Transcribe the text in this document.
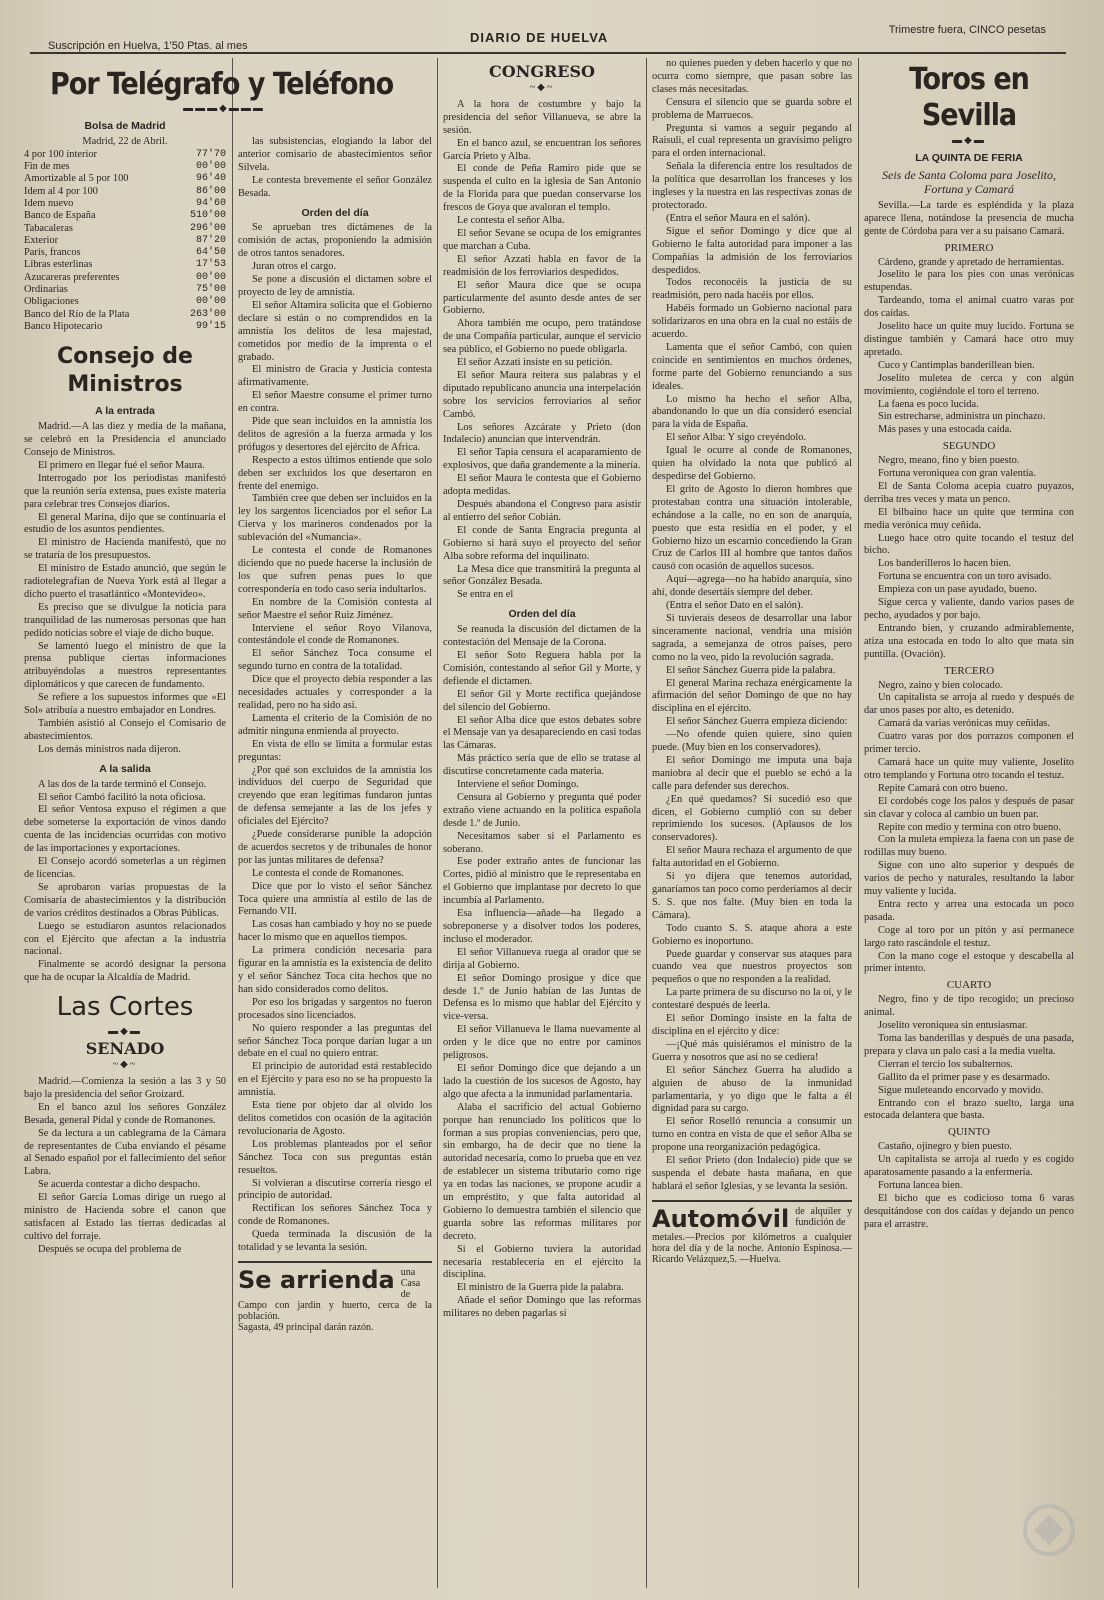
Suscripción en Huelva, 1'50 Ptas. al mes
DIARIO DE HUELVA	Trimestre fuera, CINCO pesetas
Por Telégrafo y Teléfono
▬▬▬◆▬▬▬
Bolsa de Madrid
Madrid, 22 de Abril.
4 por 100 interior	77'70
Fin de mes	00'00
Amortizable al 5 por 100	96'40
Idem al 4 por 100	86'00
Idem nuevo	94'60
Banco de España	510'00
Tabacaleras	296'00
Exterior	87'20
París, francos	64'50
Libras esterlinas	17'53
Azucareras preferentes	00'00
Ordinarias	75'00
Obligaciones	00'00
Banco del Río de la Plata	263'00
Banco Hipotecario	99'15
Consejo de Ministros
A la entrada

Madrid.—A las diez y media de la mañana, se celebró en la Presidencia el anunciado Consejo de Ministros.

El primero en llegar fué el señor Maura.

Interrogado por los periodistas manifestó que la reunión sería extensa, pues existe materia para celebrar tres Consejos diarios.

El general Marina, dijo que se continuaría el estudio de los asuntos pendientes.

El ministro de Hacienda manifestó, que no se trataría de los presupuestos.

El ministro de Estado anunció, que según le radiotelegrafían de Nueva York está al llegar a dicho puerto el trasatlántico «Montevideo».

Es preciso que se divulgue la noticia para tranquilidad de las numerosas personas que han pedido noticias sobre el viaje de dicho buque.

Se lamentó luego el ministro de que la prensa publique ciertas informaciones atribuyéndolas a nuestros representantes diplomáticos y que carecen de fundamento.

Se refiere a los supuestos informes que «El Sol» atribuía a nuestro embajador en Londres.

También asistió al Consejo el Comisario de abastecimientos.

Los demás ministros nada dijeron.

A la salida

A las dos de la tarde terminó el Consejo.

El señor Cambó facilitó la nota oficiosa.

El señor Ventosa expuso el régimen a que debe someterse la exportación de vinos dando cuenta de las incidencias ocurridas con motivo de las importaciones y exportaciones.

El Consejo acordó someterlas a un régimen de licencias.

Se aprobaron varias propuestas de la Comisaría de abastecimientos y la distribución de varios créditos destinados a Obras Públicas.

Luego se estudiaron asuntos relacionados con el Ejército que afectan a la industria nacional.

Finalmente se acordó designar la persona que ha de ocupar la Alcaldía de Madrid.

Las Cortes
▬◆▬
SENADO
~◆~

Madrid.—Comienza la sesión a las 3 y 50 bajo la presidencia del señor Groizard.

En el banco azul los señores González Besada, general Pidal y conde de Romanones.

Se da lectura a un cablegrama de la Cámara de representantes de Cuba enviando el pésame al Senado español por el fallecimiento del señor Labra.

Se acuerda contestar a dicho despacho.

El señor García Lomas dirige un ruego al ministro de Hacienda sobre el canon que satisfacen al Estado las tierras dedicadas al cultivo del forraje.

Después se ocupa del problema de

las subsistencias, elogiando la labor del anterior comisario de abastecimientos señor Silvela.

Le contesta brevemente el señor González Besada.

Orden del día

Se aprueban tres dictámenes de la comisión de actas, proponiendo la admisión de otros tantos senadores.

Juran otros el cargo.

Se pone a discusión el dictamen sobre el proyecto de ley de amnistía.

El señor Altamira solicita que el Gobierno declare si están o no comprendidos en la amnistía los delitos de lesa majestad, cometidos por medio de la imprenta o el grabado.

El ministro de Gracia y Justicia contesta afirmativamente.

El señor Maestre consume el primer turno en contra.

Pide que sean incluidos en la amnistía los delitos de agresión a la fuerza armada y los prófugos y desertores del ejército de Africa.

Respecto a estos últimos entiende que solo deben ser excluidos los que desertaron en frente del enemigo.

También cree que deben ser incluidos en la ley los sargentos licenciados por el señor La Cierva y los marineros condenados por la sublevación del «Numancia».

Le contesta el conde de Romanones diciendo que no puede hacerse la inclusión de los que sufren penas pues lo que correspondería en todo caso sería indultarlos.

En nombre de la Comisión contesta al señor Maestre el señor Ruiz Jiménez.

Interviene el señor Royo Vilanova, contestándole el conde de Romanones.

El señor Sánchez Toca consume el segundo turno en contra de la totalidad.

Dice que el proyecto debía responder a las necesidades actuales y corresponder a la realidad, pero no ha sido así.

Lamenta el criterio de la Comisión de no admitir ninguna enmienda al proyecto.

En vista de ello se limita a formular estas preguntas:

¿Por qué son excluidos de la amnistía los individuos del cuerpo de Seguridad que creyendo que eran legítimas fundaron juntas de defensa semejante a las de los jefes y oficiales del Ejército?

¿Puede considerarse punible la adopción de acuerdos secretos y de tribunales de honor por las juntas militares de defensa?

Le contesta el conde de Romanones.

Dice que por lo visto el señor Sánchez Toca quiere una amnistía al estilo de las de Fernando VII.

Las cosas han cambiado y hoy no se puede hacer lo mismo que en aquellos tiempos.

La primera condición necesaria para figurar en la amnistía es la existencia de delito y el señor Sánchez Toca cita hechos que no han sido considerados como delitos.

Por eso los brigadas y sargentos no fueron procesados sino licenciados.

No quiero responder a las preguntas del señor Sánchez Toca porque darían lugar a un debate en el cual no quiero entrar.

El principio de autoridad está restablecido en el Ejército y para eso no se ha propuesto la amnistía.

Esta tiene por objeto dar al olvido los delitos cometidos con ocasión de la agitación revolucionaria de Agosto.

Los problemas planteados por el señor Sánchez Toca con sus preguntas están resueltos.

Si volvieran a discutirse correría riesgo el principio de autoridad.

Rectifican los señores Sánchez Toca y conde de Romanones.

Queda terminada la discusión de la totalidad y se levanta la sesión.

Se arrienda una Casa de Campo con jardín y huerto, cerca de la población.
Sagasta, 49 principal darán razón.
CONGRESO
~◆~

A la hora de costumbre y bajo la presidencia del señor Villanueva, se abre la sesión.

En el banco azul, se encuentran los señores García Prieto y Alba.

El conde de Peña Ramiro pide que se suspenda el culto en la iglesia de San Antonio de la Florida para que puedan conservarse los frescos de Goya que avaloran el templo.

Le contesta el señor Alba.

El señor Sevane se ocupa de los emigrantes que marchan a Cuba.

El señor Azzati habla en favor de la readmisión de los ferroviarios despedidos.

El señor Maura dice que se ocupa particularmente del asunto desde antes de ser Gobierno.

Ahora también me ocupo, pero tratándose de una Compañía particular, aunque el servicio sea público, el Gobierno no puede obligarla.

El señor Azzati insiste en su petición.

El señor Maura reitera sus palabras y el diputado republicano anuncia una interpelación sobre los servicios ferroviarios al señor Cambó.

Los señores Azcárate y Prieto (don Indalecio) anuncian que intervendrán.

El señor Tapia censura el acaparamiento de explosivos, que daña grandemente a la minería.

El señor Maura le contesta que el Gobierno adopta medidas.

Después abandona el Congreso para asistir al entierro del señor Cobián.

El conde de Santa Engracia pregunta al Gobierno si hará suyo el proyecto del señor Alba sobre reforma del inquilinato.

La Mesa dice que transmitirá la pregunta al señor González Besada.

Se entra en el

Orden del día

Se reanuda la discusión del dictamen de la contestación del Mensaje de la Corona.

El señor Soto Reguera habla por la Comisión, contestando al señor Gil y Morte, y defiende el dictamen.

El señor Gil y Morte rectifica quejándose del silencio del Gobierno.

El señor Alba dice que estos debates sobre el Mensaje van ya desapareciendo en casi todas las Cámaras.

Más práctico sería que de ello se tratase al discutirse concretamente cada materia.

Interviene el señor Domingo.

Censura al Gobierno y pregunta qué poder extraño viene actuando en la política española desde 1.º de Junio.

Necesitamos saber si el Parlamento es soberano.

Ese poder extraño antes de funcionar las Cortes, pidió al ministro que le representaba en el Gobierno que implantase por decreto lo que incumbía al Parlamento.

Esa influencia—añade—ha llegado a sobreponerse y a disolver todos los poderes, incluso el moderador.

El señor Villanueva ruega al orador que se dirija al Gobierno.

El señor Domingo prosigue y dice que desde 1.º de Junio habían de las Juntas de Defensa es lo mismo que hablar del Ejército y vice-versa.

El señor Villanueva le llama nuevamente al orden y le dice que no entre por caminos peligrosos.

El señor Domingo dice que dejando a un lado la cuestión de los sucesos de Agosto, hay algo que afecta a la inmunidad parlamentaria.

Alaba el sacrificio del actual Gobierno porque han renunciado los políticos que lo forman a sus propias conveniencias, pero que, sin embargo, ha de decir que no tiene la autoridad necesaria, como lo prueba que en vez de establecer un sistema tributario como rige ya en todas las naciones, se propone acudir a un empréstito, y que falta autoridad al Gobierno lo demuestra también el silencio que guarda sobre las reformas militares por decreto.

Si el Gobierno tuviera la autoridad necesaria restablecería en el ejército la disciplina.

El ministro de la Guerra pide la palabra.

Añade el señor Domingo que las reformas militares no deben pagarlas sí

no quienes pueden y deben hacerlo y que no ocurra como siempre, que pasan sobre las clases más necesitadas.

Censura el silencio que se guarda sobre el problema de Marruecos.

Pregunta si vamos a seguir pegando al Raisuli, el cual representa un gravísimo peligro para el orden internacional.

Señala la diferencia entre los resultados de la política que desarrollan los franceses y los ingleses y la nuestra en las respectivas zonas de protectorado.

(Entra el señor Maura en el salón).

Sigue el señor Domingo y dice que al Gobierno le falta autoridad para imponer a las Compañías la admisión de los ferroviarios despedidos.

Todos reconocéis la justicia de su readmisión, pero nada hacéis por ellos.

Habéis formado un Gobierno nacional para solidarizaros en una obra en la cual no estáis de acuerdo.

Lamenta que el señor Cambó, con quien coincide en sentimientos en muchos órdenes, forme parte del Gobierno renunciando a sus ideales.

Lo mismo ha hecho el señor Alba, abandonando lo que un día consideró esencial para la vida de España.

El señor Alba: Y sigo creyéndolo.

Igual le ocurre al conde de Romanones, quien ha olvidado la nota que publicó al despedirse del Gobierno.

El grito de Agosto lo dieron hombres que protestaban contra una situación intolerable, echándose a la calle, no en son de anarquía, puesto que esta residía en el poder, y el Gobierno hizo un escarnio concediendo la Gran Cruz de Carlos III al hombre que tantos daños causó con ocasión de aquellos sucesos.

Aquí—agrega—no ha habido anarquía, sino ahí, donde desertáis siempre del deber.

(Entra el señor Dato en el salón).

Si tuvierais deseos de desarrollar una labor sinceramente nacional, vendría una misión sagrada, a semejanza de otros países, pero como no la veo, pido la revolución sagrada.

El señor Sánchez Guerra pide la palabra.

El general Marina rechaza enérgicamente la afirmación del señor Domingo de que no hay disciplina en el ejército.

El señor Sánchez Guerra empieza diciendo:

—No ofende quien quiere, sino quien puede. (Muy bien en los conservadores).

El señor Domingo me imputa una baja maniobra al decir que el pueblo se echó a la calle para defender sus derechos.

¿En qué quedamos? Si sucedió eso que dicen, el Gobierno cumplió con su deber reprimiendo los sucesos. (Aplausos de los conservadores).

El señor Maura rechaza el argumento de que falta autoridad en el Gobierno.

Si yo dijera que tenemos autoridad, ganaríamos tan poco como perderíamos al decir S. S. que nos falte. (Muy bien en toda la Cámara).

Todo cuanto S. S. ataque ahora a este Gobierno es inoportuno.

Puede guardar y conservar sus ataques para cuando vea que nuestros proyectos son pequeños o que no responden a la realidad.

La parte primera de su discurso no la oí, y le contestaré después de leerla.

El señor Domingo insiste en la falta de disciplina en el ejército y dice:

—¡Qué más quisiéramos el ministro de la Guerra y nosotros que así no se cediera!

El señor Sánchez Guerra ha aludido a alguien de abuso de la inmunidad parlamentaria, y yo digo que le falta a él dignidad para su cargo.

El señor Roselló renuncia a consumir un turno en contra en vista de que el señor Alba se propone una reorganización pedagógica.

El señor Prieto (don Indalecio) pide que se suspenda el debate hasta mañana, en que hablará el señor Iglesias, y se levanta la sesión.

Automóvil de alquiler y fundición de
metales.—Precios por kilómetros a cualquier hora del día y de la noche. Antonio Espinosa.—Ricardo Velázquez,5. —Huelva.
Toros en Sevilla
▬◆▬
LA QUINTA DE FERIA
Seis de Santa Coloma para Joselito, Fortuna y Camará

Sevilla.—La tarde es espléndida y la plaza aparece llena, notándose la presencia de mucha gente de Córdoba para ver a su paisano Camará.

PRIMERO

Cárdeno, grande y apretado de herramientas.

Joselito le para los pies con unas verónicas estupendas.

Tardeando, toma el animal cuatro varas por dos caídas.

Joselito hace un quite muy lucido. Fortuna se distingue también y Camará hace otro muy apretado.

Cuco y Cantimplas banderillean bien.

Joselito muletea de cerca y con algún movimiento, cogiéndole el toro el terreno.

La faena es poco lucida.

Sin estrecharse, administra un pinchazo.

Más pases y una estocada caída.

SEGUNDO

Negro, meano, fino y bien puesto.

Fortuna veroniquea con gran valentía.

El de Santa Coloma acepia cuatro puyazos, derriba tres veces y mata un penco.

El bilbaíno hace un quite que termina con media verónica muy ceñida.

Luego hace otro quite tocando el testuz del bicho.

Los banderilleros lo hacen bien.

Fortuna se encuentra con un toro avisado.

Empieza con un pase ayudado, bueno.

Sigue cerca y valiente, dando varios pases de pecho, ayudados y por bajo.

Entrando bien, y cruzando admirablemente, atiza una estocada en todo lo alto que mata sin puntilla. (Ovación).

TERCERO

Negro, zaino y bien colocado.

Un capitalista se arroja al ruedo y después de dar unos pases por alto, es detenido.

Camará da varias verónicas muy ceñidas.

Cuatro varas por dos porrazos componen el primer tercio.

Camará hace un quite muy valiente, Joselito otro templando y Fortuna otro tocando el testuz.

Repite Camará con otro bueno.

El cordobés coge los palos y después de pasar sin clavar y coloca al cambio un buen par.

Repite con medio y termina con otro bueno.

Con la muleta empieza la faena con un pase de rodillas muy bueno.

Sigue con uno alto superior y después de varios de pecho y naturales, resultando la labor muy valiente y lucida.

Entra recto y arrea una estocada un poco pasada.

Coge al toro por un pitón y así permanece largo rato rascándole el testuz.

Con la mano coge el estoque y descabella al primer intento.

CUARTO

Negro, fino y de tipo recogido; un precioso animal.

Joselito veroniquea sin entusiasmar.

Toma las banderillas y después de una pasada, prepara y clava un palo casi a la media vuelta.

Cierran el tercio los subalternos.

Gallito da el primer pase y es desarmado.

Sigue muleteando encorvado y movido.

Entrando con el brazo suelto, larga una estocada delantera que basta.

QUINTO

Castaño, ojinegro y bien puesto.

Un capitalista se arroja al ruedo y es cogido aparatosamente pasando a la enfermería.

Fortuna lancea bien.

El bicho que es codicioso toma 6 varas desquitándose con dos caídas y dejando un penco para el arrastre.
